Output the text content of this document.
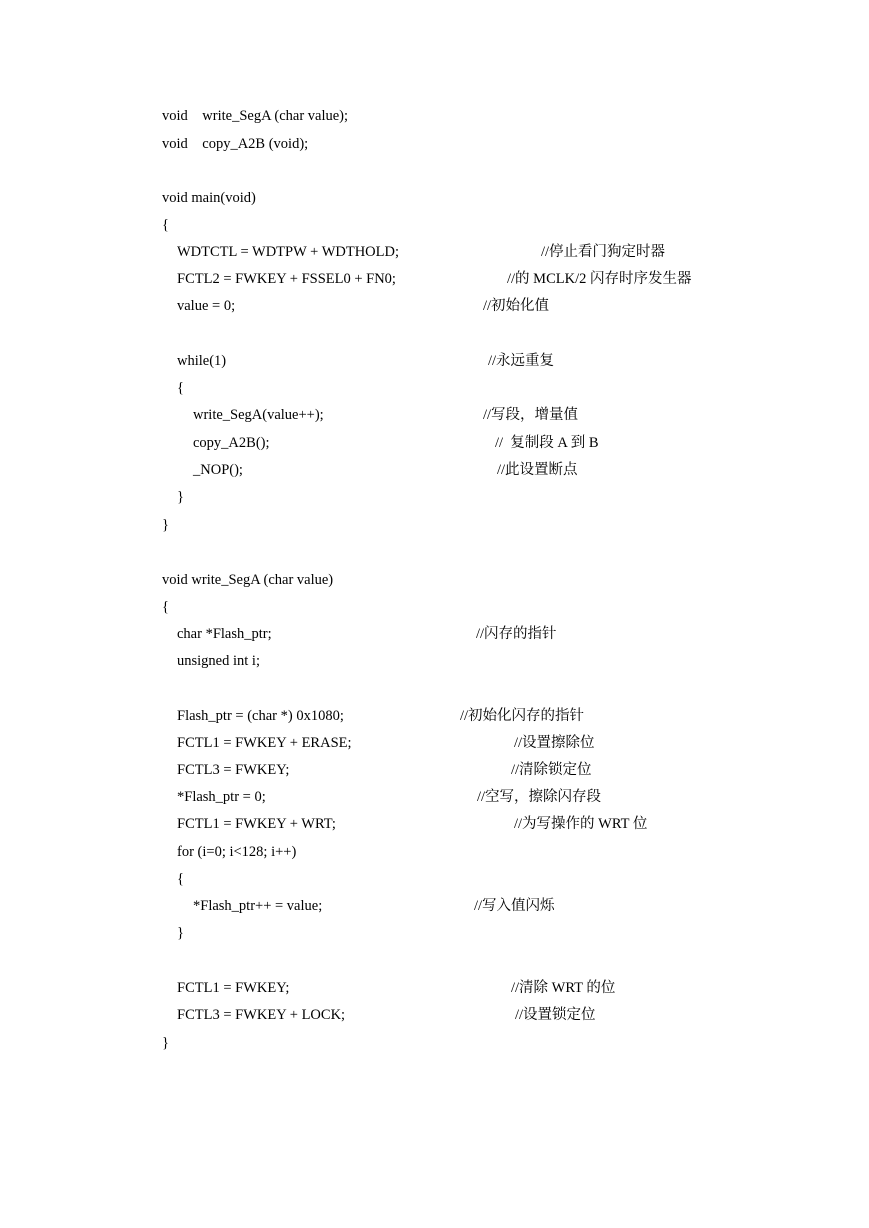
void    write_SegA (char value);
void    copy_A2B (void);
void main(void)
{
WDTCTL = WDTPW + WDTHOLD;	//停止看门狗定时器
FCTL2 = FWKEY + FSSEL0 + FN0;	//的 MCLK/2 闪存时序发生器
value = 0;	//初始化值
while(1)	//永远重复
{
write_SegA(value++);	//写段，增量值
copy_A2B();	//  复制段 A 到 B
_NOP();	//此设置断点
}
}
void write_SegA (char value)
{
char *Flash_ptr;	//闪存的指针
unsigned int i;
Flash_ptr = (char *) 0x1080;	//初始化闪存的指针
FCTL1 = FWKEY + ERASE;	//设置擦除位
FCTL3 = FWKEY;	//清除锁定位
*Flash_ptr = 0;	//空写，擦除闪存段
FCTL1 = FWKEY + WRT;	//为写操作的 WRT 位
for (i=0; i<128; i++)
{
*Flash_ptr++ = value;	//写入值闪烁
}
FCTL1 = FWKEY;	//清除 WRT 的位
FCTL3 = FWKEY + LOCK;	//设置锁定位
}
